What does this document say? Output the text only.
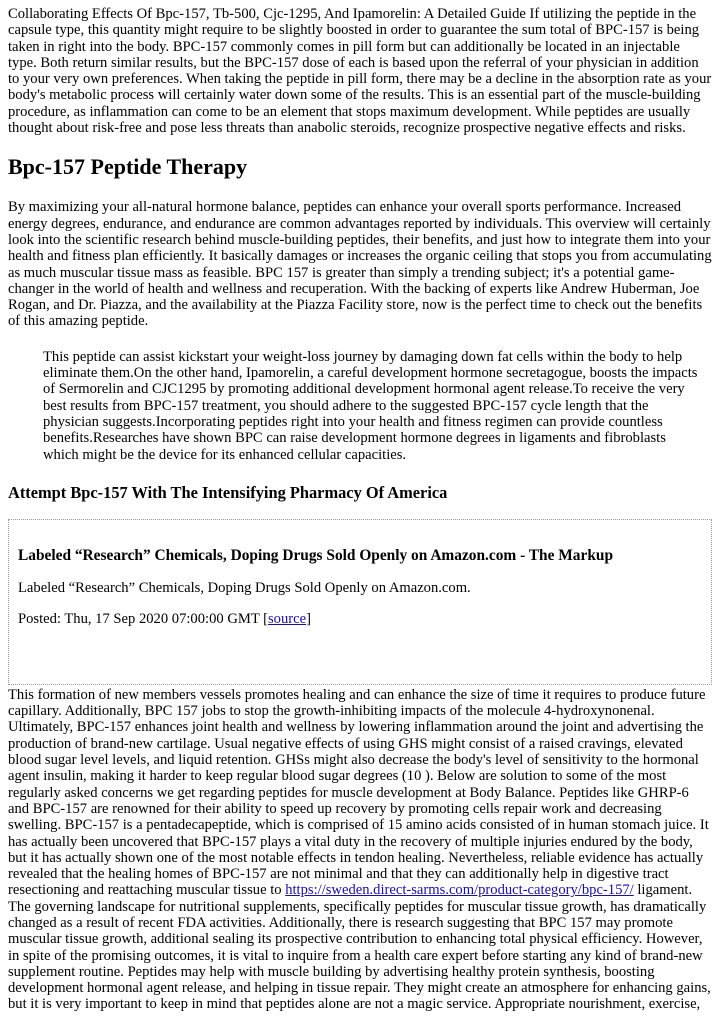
Collaborating Effects Of Bpc-157, Tb-500, Cjc-1295, And Ipamorelin: A Detailed Guide If utilizing the peptide in the capsule type, this quantity might require to be slightly boosted in order to guarantee the sum total of BPC-157 is being taken in right into the body. BPC-157 commonly comes in pill form but can additionally be located in an injectable type. Both return similar results, but the BPC-157 dose of each is based upon the referral of your physician in addition to your very own preferences. When taking the peptide in pill form, there may be a decline in the absorption rate as your body's metabolic process will certainly water down some of the results. This is an essential part of the muscle-building procedure, as inflammation can come to be an element that stops maximum development. While peptides are usually thought about risk-free and pose less threats than anabolic steroids, recognize prospective negative effects and risks.

Bpc-157 Peptide Therapy

By maximizing your all-natural hormone balance, peptides can enhance your overall sports performance. Increased energy degrees, endurance, and endurance are common advantages reported by individuals. This overview will certainly look into the scientific research behind muscle-building peptides, their benefits, and just how to integrate them into your health and fitness plan efficiently. It basically damages or increases the organic ceiling that stops you from accumulating as much muscular tissue mass as feasible. BPC 157 is greater than simply a trending subject; it's a potential game-changer in the world of health and wellness and recuperation. With the backing of experts like Andrew Huberman, Joe Rogan, and Dr. Piazza, and the availability at the Piazza Facility store, now is the perfect time to check out the benefits of this amazing peptide.

This peptide can assist kickstart your weight-loss journey by damaging down fat cells within the body to help eliminate them.On the other hand, Ipamorelin, a careful development hormone secretagogue, boosts the impacts of Sermorelin and CJC1295 by promoting additional development hormonal agent release.To receive the very best results from BPC-157 treatment, you should adhere to the suggested BPC-157 cycle length that the physician suggests.Incorporating peptides right into your health and fitness regimen can provide countless benefits.Researches have shown BPC can raise development hormone degrees in ligaments and fibroblasts which might be the device for its enhanced cellular capacities.
Attempt Bpc-157 With The Intensifying Pharmacy Of America
Labeled “Research” Chemicals, Doping Drugs Sold Openly on Amazon.com - The Markup

Labeled “Research” Chemicals, Doping Drugs Sold Openly on Amazon.com.

Posted: Thu, 17 Sep 2020 07:00:00 GMT [source]

This formation of new members vessels promotes healing and can enhance the size of time it requires to produce future capillary. Additionally, BPC 157 jobs to stop the growth-inhibiting impacts of the molecule 4-hydroxynonenal. Ultimately, BPC-157 enhances joint health and wellness by lowering inflammation around the joint and advertising the production of brand-new cartilage. Usual negative effects of using GHS might consist of a raised cravings, elevated blood sugar level levels, and liquid retention. GHSs might also decrease the body's level of sensitivity to the hormonal agent insulin, making it harder to keep regular blood sugar degrees (10 ). Below are solution to some of the most regularly asked concerns we get regarding peptides for muscle development at Body Balance. Peptides like GHRP-6 and BPC-157 are renowned for their ability to speed up recovery by promoting cells repair work and decreasing swelling. BPC-157 is a pentadecapeptide, which is comprised of 15 amino acids consisted of in human stomach juice. It has actually been uncovered that BPC-157 plays a vital duty in the recovery of multiple injuries endured by the body, but it has actually shown one of the most notable effects in tendon healing. Nevertheless, reliable evidence has actually revealed that the healing homes of BPC-157 are not minimal and that they can additionally help in digestive tract resectioning and reattaching muscular tissue to https://sweden.direct-sarms.com/product-category/bpc-157/ ligament. The governing landscape for nutritional supplements, specifically peptides for muscular tissue growth, has dramatically changed as a result of recent FDA activities. Additionally, there is research suggesting that BPC 157 may promote muscular tissue growth, additional sealing its prospective contribution to enhancing total physical efficiency. However, in spite of the promising outcomes, it is vital to inquire from a health care expert before starting any kind of brand-new supplement routine. Peptides may help with muscle building by advertising healthy protein synthesis, boosting development hormonal agent release, and helping in tissue repair. They might create an atmosphere for enhancing gains, but it is very important to keep in mind that peptides alone are not a magic service. Appropriate nourishment, exercise,
